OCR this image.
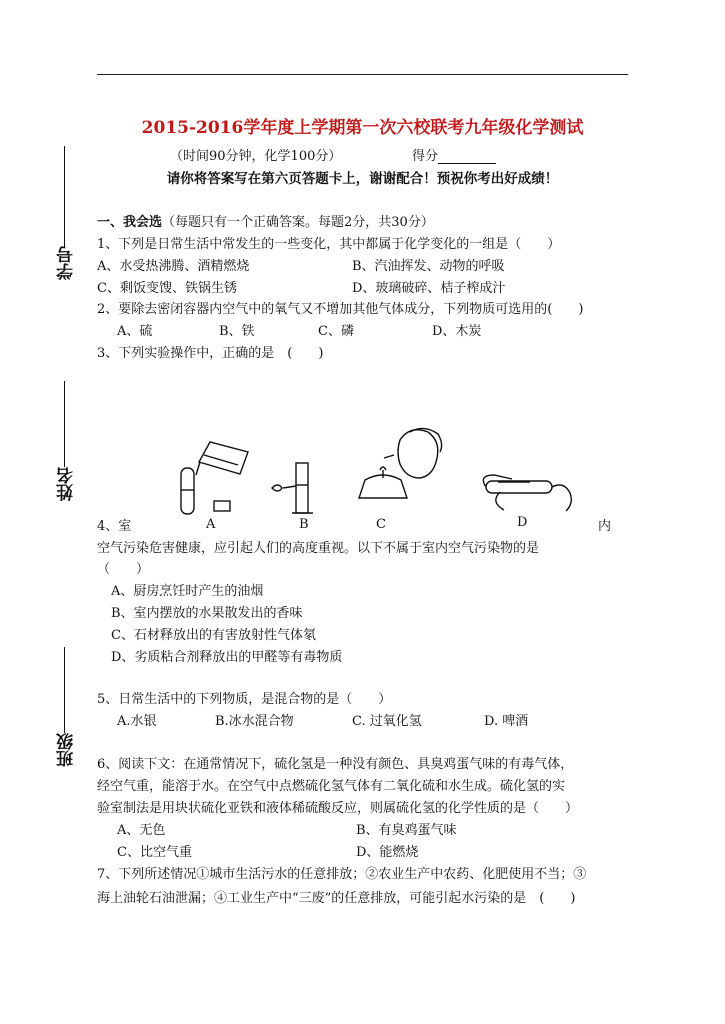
2015-2016学年度上学期第一次六校联考九年级化学测试
（时间90分钟，化学100分）	得分
请你将答案写在第六页答题卡上，谢谢配合！预祝你考出好成绩！
学号
姓名
班级
一、我会选（每题只有一个正确答案。每题2分，共30分）
1、下列是日常生活中常发生的一些变化，其中都属于化学变化的一组是（　　）
A、水受热沸腾、酒精燃烧	B、汽油挥发、动物的呼吸
C、剩饭变馊、铁锅生锈	D、玻璃破碎、桔子榨成汁
2、要除去密闭容器内空气中的氧气又不增加其他气体成分，下列物质可选用的(　　)
A、硫	B、铁	C、磷	D、木炭
3、下列实验操作中，正确的是　(　　)
A	B	C	D
4、室	内
空气污染危害健康，应引起人们的高度重视。以下不属于室内空气污染物的是
（　　）
A、厨房烹饪时产生的油烟
B、室内摆放的水果散发出的香味
C、石材释放出的有害放射性气体氡
D、劣质粘合剂释放出的甲醛等有毒物质
5、日常生活中的下列物质，是混合物的是（　　）
A.水银	B.冰水混合物	C. 过氧化氢	D. 啤酒
6、阅读下文：在通常情况下，硫化氢是一种没有颜色、具臭鸡蛋气味的有毒气体，
经空气重，能溶于水。在空气中点燃硫化氢气体有二氧化硫和水生成。硫化氢的实
验室制法是用块状硫化亚铁和液体稀硫酸反应，则属硫化氢的化学性质的是（　　）
A、无色	B、有臭鸡蛋气味
C、比空气重	D、能燃烧
7、下列所述情况①城市生活污水的任意排放；②农业生产中农药、化肥使用不当；③
海上油轮石油泄漏；④工业生产中“三废”的任意排放，可能引起水污染的是　(　　)
